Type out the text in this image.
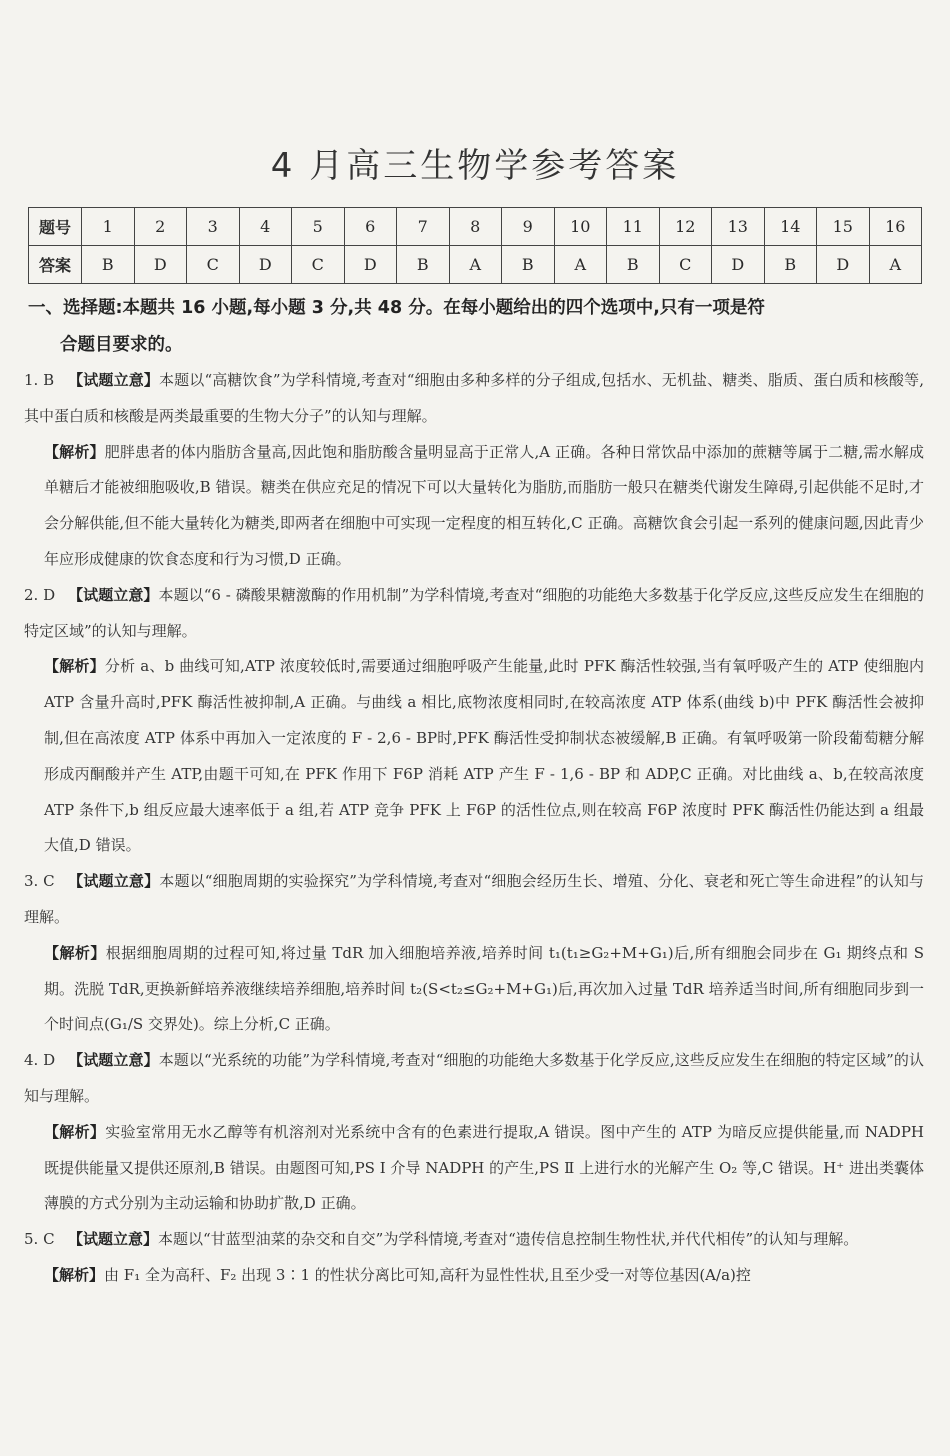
4 月高三生物学参考答案
题号	1	2	3	4	5	6	7	8	9	10	11	12	13	14	15	16
答案	B	D	C	D	C	D	B	A	B	A	B	C	D	B	D	A
一、选择题:本题共 16 小题,每小题 3 分,共 48 分。在每小题给出的四个选项中,只有一项是符
合题目要求的。

1. B 【试题立意】本题以“高糖饮食”为学科情境,考查对“细胞由多种多样的分子组成,包括水、无机盐、糖类、脂质、蛋白质和核酸等,其中蛋白质和核酸是两类最重要的生物大分子”的认知与理解。

【解析】肥胖患者的体内脂肪含量高,因此饱和脂肪酸含量明显高于正常人,A 正确。各种日常饮品中添加的蔗糖等属于二糖,需水解成单糖后才能被细胞吸收,B 错误。糖类在供应充足的情况下可以大量转化为脂肪,而脂肪一般只在糖类代谢发生障碍,引起供能不足时,才会分解供能,但不能大量转化为糖类,即两者在细胞中可实现一定程度的相互转化,C 正确。高糖饮食会引起一系列的健康问题,因此青少年应形成健康的饮食态度和行为习惯,D 正确。

2. D 【试题立意】本题以“6 - 磷酸果糖激酶的作用机制”为学科情境,考查对“细胞的功能绝大多数基于化学反应,这些反应发生在细胞的特定区域”的认知与理解。

【解析】分析 a、b 曲线可知,ATP 浓度较低时,需要通过细胞呼吸产生能量,此时 PFK 酶活性较强,当有氧呼吸产生的 ATP 使细胞内 ATP 含量升高时,PFK 酶活性被抑制,A 正确。与曲线 a 相比,底物浓度相同时,在较高浓度 ATP 体系(曲线 b)中 PFK 酶活性会被抑制,但在高浓度 ATP 体系中再加入一定浓度的 F - 2,6 - BP时,PFK 酶活性受抑制状态被缓解,B 正确。有氧呼吸第一阶段葡萄糖分解形成丙酮酸并产生 ATP,由题干可知,在 PFK 作用下 F6P 消耗 ATP 产生 F - 1,6 - BP 和 ADP,C 正确。对比曲线 a、b,在较高浓度 ATP 条件下,b 组反应最大速率低于 a 组,若 ATP 竞争 PFK 上 F6P 的活性位点,则在较高 F6P 浓度时 PFK 酶活性仍能达到 a 组最大值,D 错误。

3. C 【试题立意】本题以“细胞周期的实验探究”为学科情境,考查对“细胞会经历生长、增殖、分化、衰老和死亡等生命进程”的认知与理解。

【解析】根据细胞周期的过程可知,将过量 TdR 加入细胞培养液,培养时间 t₁(t₁≥G₂+M+G₁)后,所有细胞会同步在 G₁ 期终点和 S 期。洗脱 TdR,更换新鲜培养液继续培养细胞,培养时间 t₂(S<t₂≤G₂+M+G₁)后,再次加入过量 TdR 培养适当时间,所有细胞同步到一个时间点(G₁/S 交界处)。综上分析,C 正确。

4. D 【试题立意】本题以“光系统的功能”为学科情境,考查对“细胞的功能绝大多数基于化学反应,这些反应发生在细胞的特定区域”的认知与理解。

【解析】实验室常用无水乙醇等有机溶剂对光系统中含有的色素进行提取,A 错误。图中产生的 ATP 为暗反应提供能量,而 NADPH 既提供能量又提供还原剂,B 错误。由题图可知,PS Ⅰ 介导 NADPH 的产生,PS Ⅱ 上进行水的光解产生 O₂ 等,C 错误。H⁺ 进出类囊体薄膜的方式分别为主动运输和协助扩散,D 正确。

5. C 【试题立意】本题以“甘蓝型油菜的杂交和自交”为学科情境,考查对“遗传信息控制生物性状,并代代相传”的认知与理解。

【解析】由 F₁ 全为高秆、F₂ 出现 3∶1 的性状分离比可知,高秆为显性性状,且至少受一对等位基因(A/a)控
